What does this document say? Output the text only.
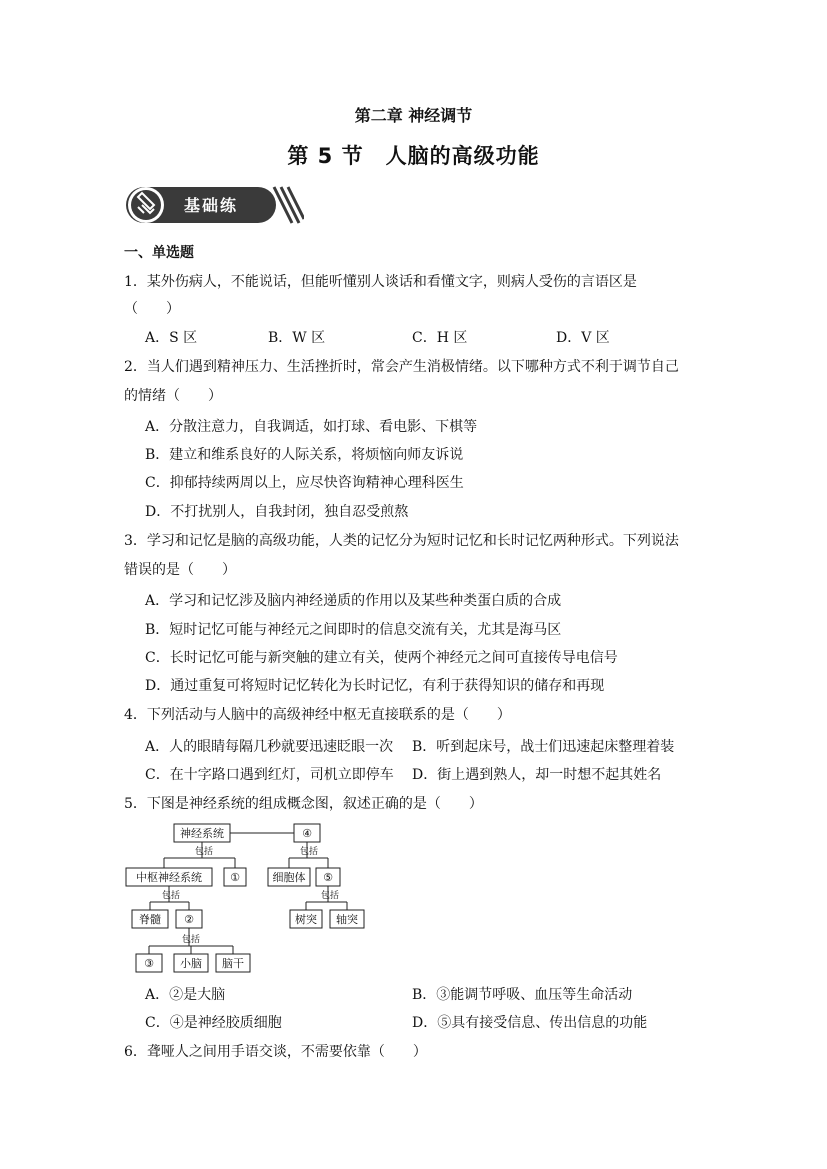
第二章 神经调节
第 5 节　人脑的高级功能
基础练
一、单选题
1．某外伤病人，不能说话，但能听懂别人谈话和看懂文字，则病人受伤的言语区是
（　　）
A．S 区	B．W 区	C．H 区	D．V 区
2．当人们遇到精神压力、生活挫折时，常会产生消极情绪。以下哪种方式不利于调节自己
的情绪（　　）
A．分散注意力，自我调适，如打球、看电影、下棋等
B．建立和维系良好的人际关系，将烦恼向师友诉说
C．抑郁持续两周以上，应尽快咨询精神心理科医生
D．不打扰别人，自我封闭，独自忍受煎熬
3．学习和记忆是脑的高级功能，人类的记忆分为短时记忆和长时记忆两种形式。下列说法
错误的是（　　）
A．学习和记忆涉及脑内神经递质的作用以及某些种类蛋白质的合成
B．短时记忆可能与神经元之间即时的信息交流有关，尤其是海马区
C．长时记忆可能与新突触的建立有关，使两个神经元之间可直接传导电信号
D．通过重复可将短时记忆转化为长时记忆，有利于获得知识的储存和再现
4．下列活动与人脑中的高级神经中枢无直接联系的是（　　）
A．人的眼睛每隔几秒就要迅速眨眼一次 B．听到起床号，战士们迅速起床整理着装
C．在十字路口遇到红灯，司机立即停车 D．街上遇到熟人，却一时想不起其姓名
5．下图是神经系统的组成概念图，叙述正确的是（　　）
神经系统	④
中枢神经系统	①	细胞体 ⑤
脊髓 ②	树突 轴突
③ 小脑 脑干
包括	包括
包括	包括
包括
A．②是大脑	B．③能调节呼吸、血压等生命活动
C．④是神经胶质细胞	D．⑤具有接受信息、传出信息的功能
6．聋哑人之间用手语交谈，不需要依靠（　　）
